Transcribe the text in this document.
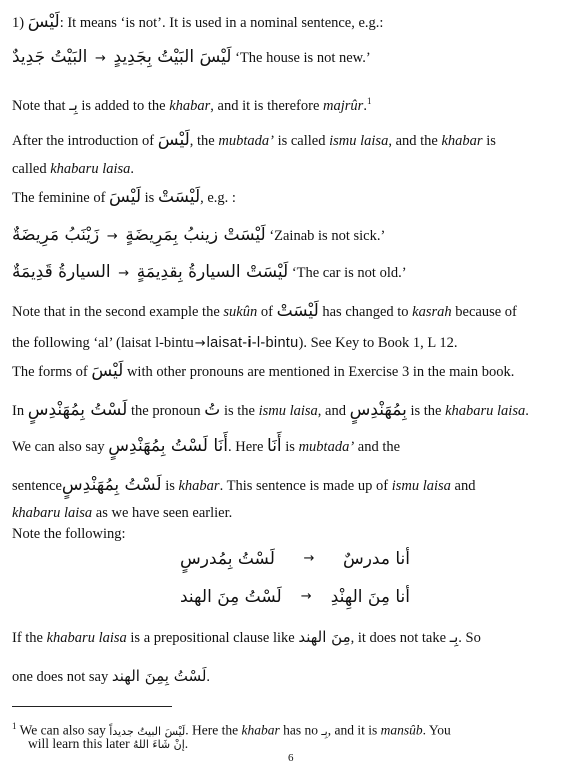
1) لَيْسَ: It means ‘is not’. It is used in a nominal sentence, e.g.:
البَيْتُ جَدِيدٌ → لَيْسَ البَيْتُ بِجَدِيدٍ ‘The house is not new.’
Note that بِـ is added to the khabar, and it is therefore majrûr.$^1$
After the introduction of لَيْسَ, the mubtada’ is called ismu laisa, and the khabar is
called khabaru laisa.
The feminine of لَيْسَ is لَيْسَتْ, e.g. :
زَيْنَبُ مَرِيضَةٌ → لَيْسَتْ زينبُ بِمَرِيضَةٍ ‘Zainab is not sick.’
السيارةُ قَدِيمَةٌ → لَيْسَتْ السيارةُ بِقدِيمَةٍ ‘The car is not old.’
Note that in the second example the sukûn of لَيْسَتْ has changed to kasrah because of
the following ‘al’ (laisat l-bintu→laisat-i-l-bintu). See Key to Book 1, L 12.
The forms of لَيْسَ with other pronouns are mentioned in Exercise 3 in the main book.
In لَسْتُ بِمُهَنْدِسٍ the pronoun تُ is the ismu laisa, and بِمُهَنْدِسٍ is the khabaru laisa.
We can also say أَنَا لَسْتُ بِمُهَنْدِسٍ. Here أَنَا is mubtada’ and the
sentenceلَسْتُ بِمُهَنْدِسٍ is khabar. This sentence is made up of ismu laisa and
khabaru laisa as we have seen earlier.
Note the following:
لَسْتُ بِمُدرسٍ → أنا مدرسٌ
لَسْتُ مِنَ الهند → أنا مِنَ الهِنْدِ
If the khabaru laisa is a prepositional clause like مِنَ الهند, it does not take بِـ. So
one does not say لَسْتُ بِمِنَ الهند.
$^1$ We can also say لَيْسَ البيتُ جديداً. Here the khabar has no بِـ, and it is mansûb. You
will learn this later إنْ شَاءَ اللهُ.
6
